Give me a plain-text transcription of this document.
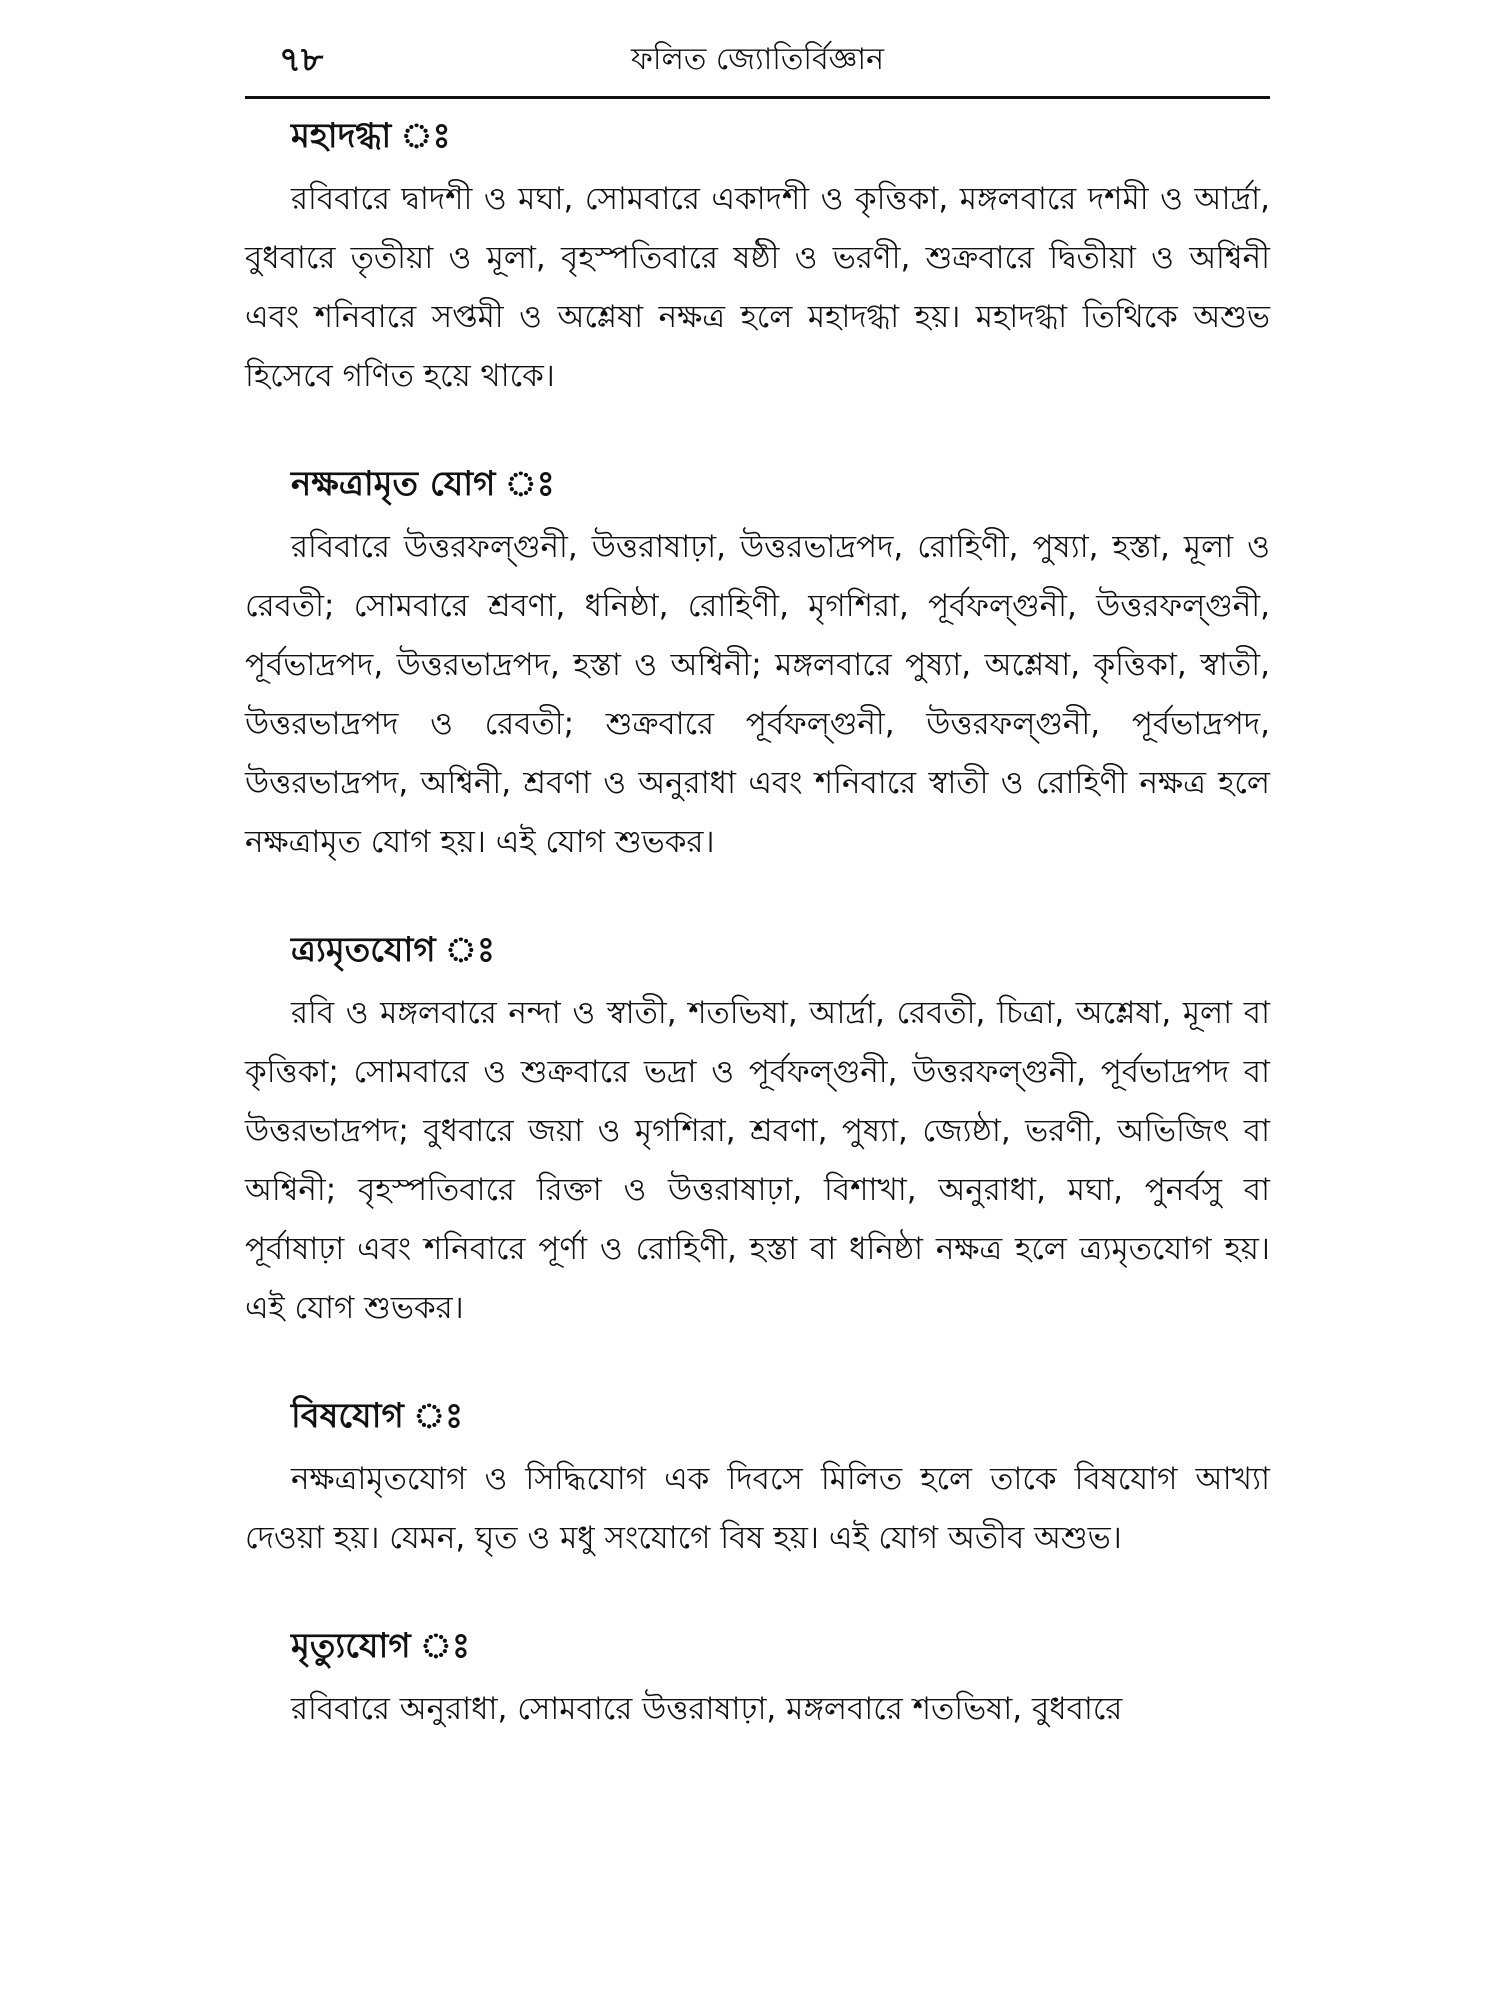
৭৮	ফলিত জ্যোতির্বিজ্ঞান
মহাদগ্ধা ঃ

রবিবারে দ্বাদশী ও মঘা, সোমবারে একাদশী ও কৃত্তিকা, মঙ্গলবারে দশমী ও আর্দ্রা, বুধবারে তৃতীয়া ও মূলা, বৃহস্পতিবারে ষষ্ঠী ও ভরণী, শুক্রবারে দ্বিতীয়া ও অশ্বিনী এবং শনিবারে সপ্তমী ও অশ্লেষা নক্ষত্র হলে মহাদগ্ধা হয়। মহাদগ্ধা তিথিকে অশুভ হিসেবে গণিত হয়ে থাকে।

নক্ষত্রামৃত যোগ ঃ

রবিবারে উত্তরফল্গুনী, উত্তরাষাঢ়া, উত্তরভাদ্রপদ, রোহিণী, পুষ্যা, হস্তা, মূলা ও রেবতী; সোমবারে শ্রবণা, ধনিষ্ঠা, রোহিণী, মৃগশিরা, পূর্বফল্গুনী, উত্তরফল্গুনী, পূর্বভাদ্রপদ, উত্তরভাদ্রপদ, হস্তা ও অশ্বিনী; মঙ্গলবারে পুষ্যা, অশ্লেষা, কৃত্তিকা, স্বাতী, উত্তরভাদ্রপদ ও রেবতী; শুক্রবারে পূর্বফল্গুনী, উত্তরফল্গুনী, পূর্বভাদ্রপদ, উত্তরভাদ্রপদ, অশ্বিনী, শ্রবণা ও অনুরাধা এবং শনিবারে স্বাতী ও রোহিণী নক্ষত্র হলে নক্ষত্রামৃত যোগ হয়। এই যোগ শুভকর।

ত্র্যমৃতযোগ ঃ

রবি ও মঙ্গলবারে নন্দা ও স্বাতী, শতভিষা, আর্দ্রা, রেবতী, চিত্রা, অশ্লেষা, মূলা বা কৃত্তিকা; সোমবারে ও শুক্রবারে ভদ্রা ও পূর্বফল্গুনী, উত্তরফল্গুনী, পূর্বভাদ্রপদ বা উত্তরভাদ্রপদ; বুধবারে জয়া ও মৃগশিরা, শ্রবণা, পুষ্যা, জ্যেষ্ঠা, ভরণী, অভিজিৎ বা অশ্বিনী; বৃহস্পতিবারে রিক্তা ও উত্তরাষাঢ়া, বিশাখা, অনুরাধা, মঘা, পুনর্বসু বা পূর্বাষাঢ়া এবং শনিবারে পূর্ণা ও রোহিণী, হস্তা বা ধনিষ্ঠা নক্ষত্র হলে ত্র্যমৃতযোগ হয়। এই যোগ শুভকর।

বিষযোগ ঃ

নক্ষত্রামৃতযোগ ও সিদ্ধিযোগ এক দিবসে মিলিত হলে তাকে বিষযোগ আখ্যা দেওয়া হয়। যেমন, ঘৃত ও মধু সংযোগে বিষ হয়। এই যোগ অতীব অশুভ।

মৃত্যুযোগ ঃ

রবিবারে অনুরাধা, সোমবারে উত্তরাষাঢ়া, মঙ্গলবারে শতভিষা, বুধবারে
